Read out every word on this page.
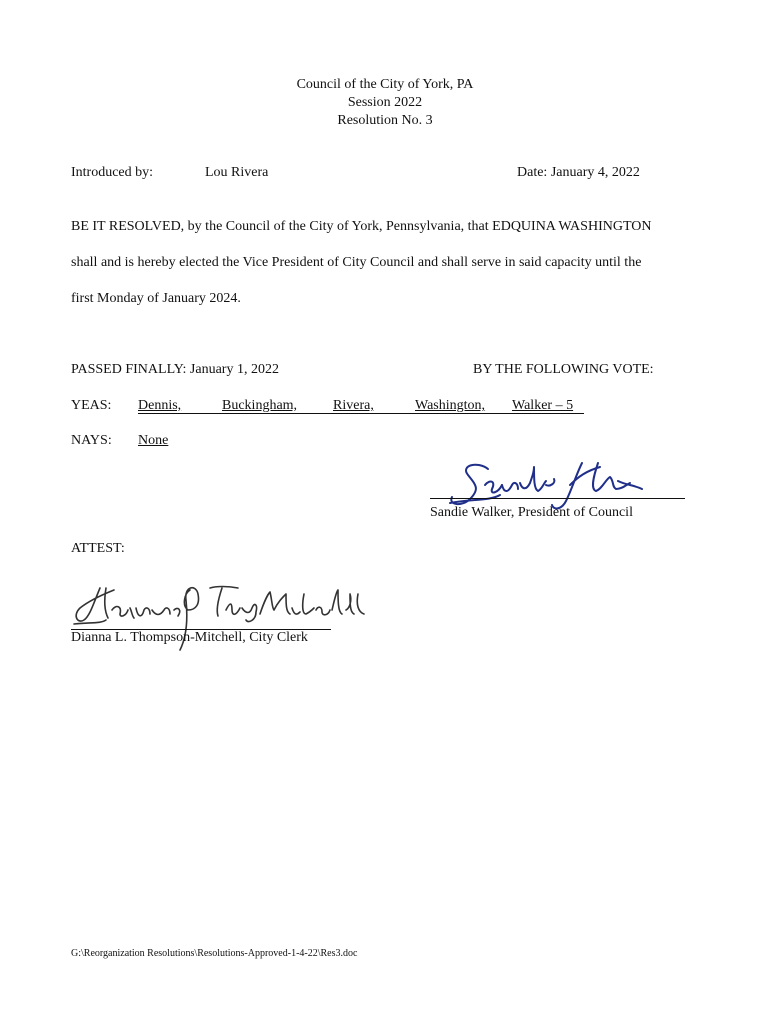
Council of the City of York, PA
Session 2022
Resolution No. 3
Introduced by:	Lou Rivera	Date: January 4, 2022
BE IT RESOLVED, by the Council of the City of York, Pennsylvania, that EDQUINA WASHINGTON
shall and is hereby elected the Vice President of City Council and shall serve in said capacity until the
first Monday of January 2024.
PASSED FINALLY: January 1, 2022	BY THE FOLLOWING VOTE:
YEAS: Dennis,	Buckingham,	Rivera,	Washington, Walker – 5
NAYS: None
Sandie Walker, President of Council
ATTEST:
Dianna L. Thompson-Mitchell, City Clerk
G:\Reorganization Resolutions\Resolutions-Approved-1-4-22\Res3.doc
